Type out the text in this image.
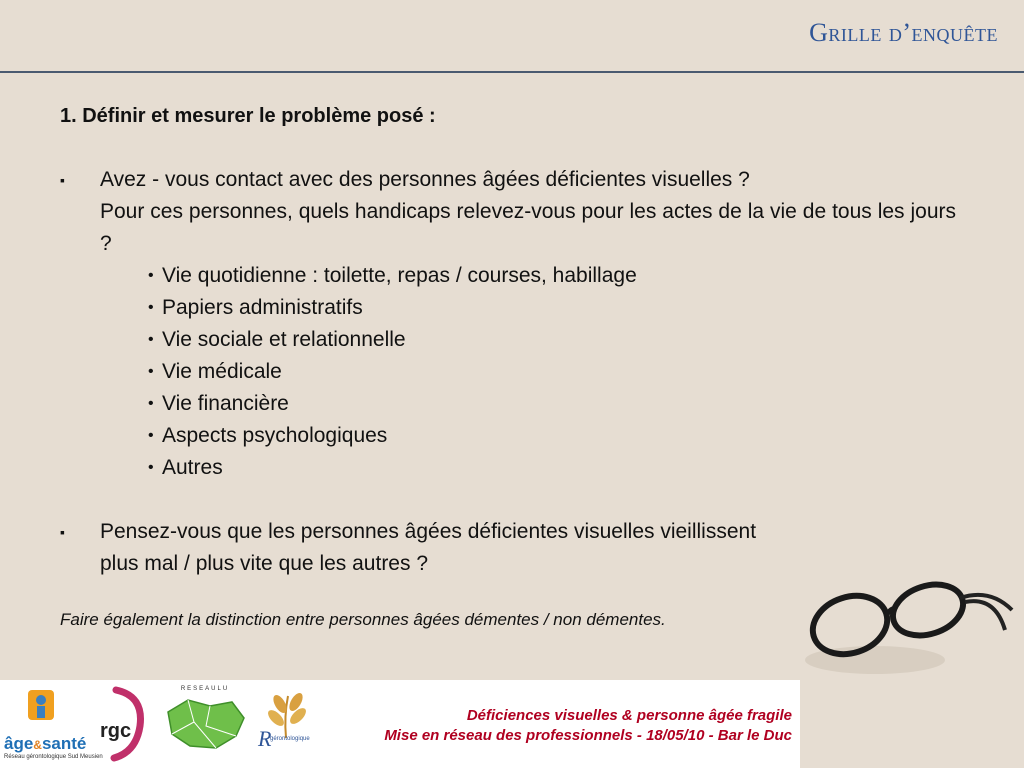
Grille d’enquête
1. Définir et mesurer le problème posé :
▪ Avez - vous contact avec des personnes âgées déficientes visuelles ?
Pour ces personnes, quels handicaps relevez-vous pour les actes de la vie de tous les jours ?
• Vie quotidienne : toilette, repas / courses, habillage
• Papiers administratifs
• Vie sociale et relationnelle
• Vie médicale
• Vie financière
• Aspects psychologiques
• Autres
▪ Pensez-vous que les personnes âgées déficientes visuelles vieillissent
plus mal / plus vite que les autres ?
Faire également la distinction entre personnes âgées démentes / non démentes.
âge&santé
Réseau gérontologique Sud Meusien
rgc
RESEAULU
R
gérontologique
Déficiences visuelles & personne âgée fragile
Mise en réseau des professionnels - 18/05/10 - Bar le Duc
